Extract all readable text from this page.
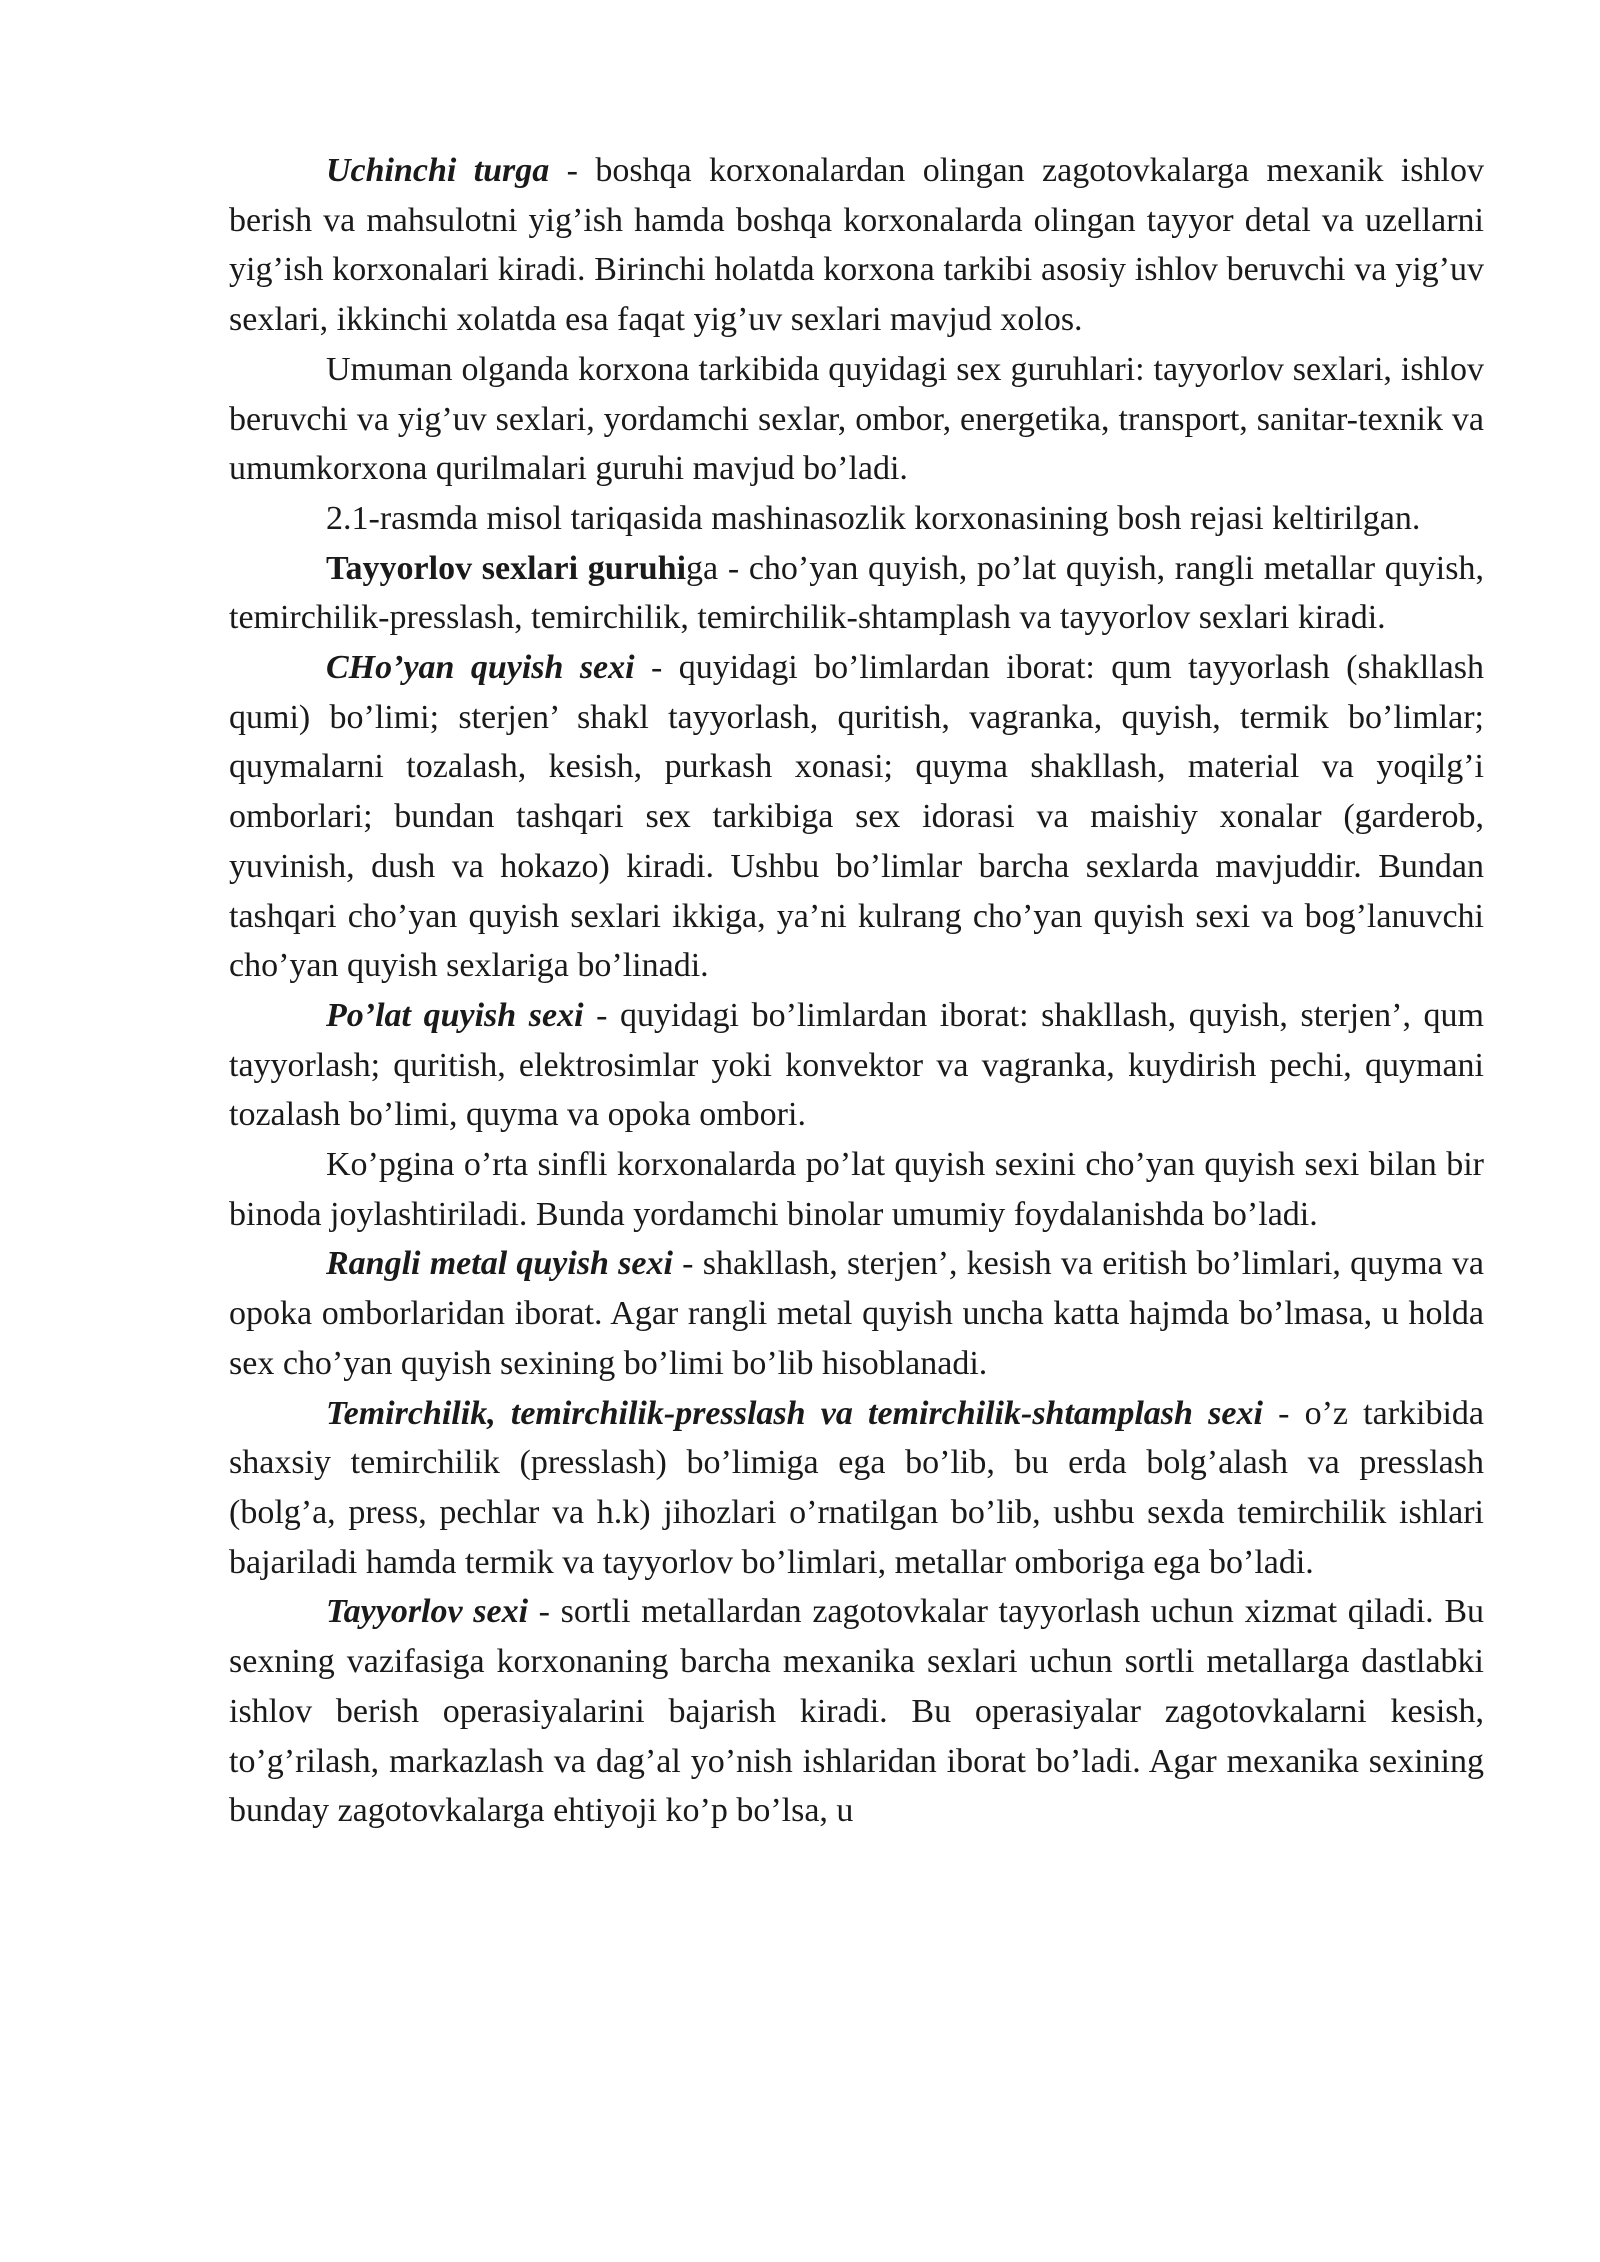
Uchinchi turga - boshqa korxonalardan olingan zagotovkalarga mexanik ishlov berish va mahsulotni yig’ish hamda boshqa korxonalarda olingan tayyor detal va uzellarni yig’ish korxonalari kiradi. Birinchi holatda korxona tarkibi asosiy ishlov beruvchi va yig’uv sexlari, ikkinchi xolatda esa faqat yig’uv sexlari mavjud xolos.

Umuman olganda korxona tarkibida quyidagi sex guruhlari: tayyorlov sexlari, ishlov beruvchi va yig’uv sexlari, yordamchi sexlar, ombor, energetika, transport, sanitar-texnik va umumkorxona qurilmalari guruhi mavjud bo’ladi.

2.1-rasmda misol tariqasida mashinasozlik korxonasining bosh rejasi keltirilgan.

Tayyorlov sexlari guruhiga - cho’yan quyish, po’lat quyish, rangli metallar quyish, temirchilik-presslash, temirchilik, temirchilik-shtamplash va tayyorlov sexlari kiradi.

CHo’yan quyish sexi - quyidagi bo’limlardan iborat: qum tayyorlash (shakllash qumi) bo’limi; sterjen’ shakl tayyorlash, quritish, vagranka, quyish, termik bo’limlar; quymalarni tozalash, kesish, purkash xonasi; quyma shakllash, material va yoqilg’i omborlari; bundan tashqari sex tarkibiga sex idorasi va maishiy xonalar (garderob, yuvinish, dush va hokazo) kiradi. Ushbu bo’limlar barcha sexlarda mavjuddir. Bundan tashqari cho’yan quyish sexlari ikkiga, ya’ni kulrang cho’yan quyish sexi va bog’lanuvchi cho’yan quyish sexlariga bo’linadi.

Po’lat quyish sexi - quyidagi bo’limlardan iborat: shakllash, quyish, sterjen’, qum tayyorlash; quritish, elektrosimlar yoki konvektor va vagranka, kuydirish pechi, quymani tozalash bo’limi, quyma va opoka ombori.

Ko’pgina o’rta sinfli korxonalarda po’lat quyish sexini cho’yan quyish sexi bilan bir binoda joylashtiriladi. Bunda yordamchi binolar umumiy foydalanishda bo’ladi.

Rangli metal quyish sexi - shakllash, sterjen’, kesish va eritish bo’limlari, quyma va opoka omborlaridan iborat. Agar rangli metal quyish uncha katta hajmda bo’lmasa, u holda sex cho’yan quyish sexining bo’limi bo’lib hisoblanadi.

Temirchilik, temirchilik-presslash va temirchilik-shtamplash sexi - o’z tarkibida shaxsiy temirchilik (presslash) bo’limiga ega bo’lib, bu erda bolg’alash va presslash (bolg’a, press, pechlar va h.k) jihozlari o’rnatilgan bo’lib, ushbu sexda temirchilik ishlari bajariladi hamda termik va tayyorlov bo’limlari, metallar omboriga ega bo’ladi.

Tayyorlov sexi - sortli metallardan zagotovkalar tayyorlash uchun xizmat qiladi. Bu sexning vazifasiga korxonaning barcha mexanika sexlari uchun sortli metallarga dastlabki ishlov berish operasiyalarini bajarish kiradi. Bu operasiyalar zagotovkalarni kesish, to’g’rilash, markazlash va dag’al yo’nish ishlaridan iborat bo’ladi. Agar mexanika sexining bunday zagotovkalarga ehtiyoji ko’p bo’lsa, u
